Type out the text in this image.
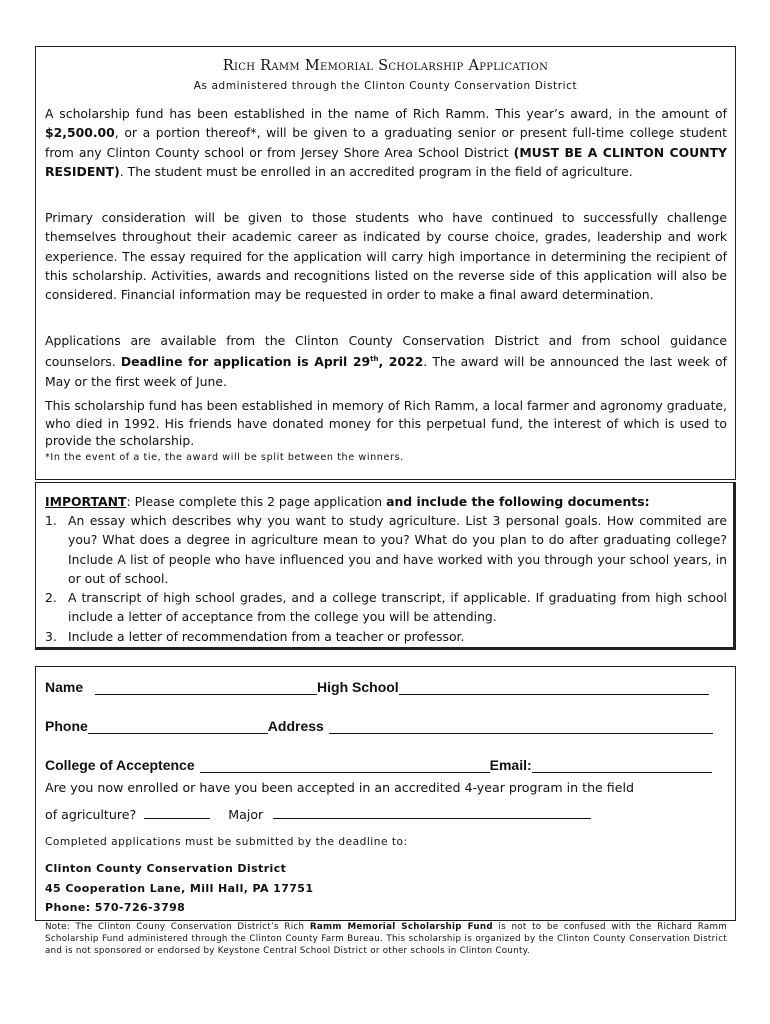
Rich Ramm Memorial Scholarship Application
As administered through the Clinton County Conservation District
A scholarship fund has been established in the name of Rich Ramm. This year’s award, in the amount of $2,500.00, or a portion thereof*, will be given to a graduating senior or present full-time college student from any Clinton County school or from Jersey Shore Area School District (MUST BE A CLINTON COUNTY RESIDENT). The student must be enrolled in an accredited program in the field of agriculture.
Primary consideration will be given to those students who have continued to successfully challenge themselves throughout their academic career as indicated by course choice, grades, leadership and work experience. The essay required for the application will carry high importance in determining the recipient of this scholarship. Activities, awards and recognitions listed on the reverse side of this application will also be considered. Financial information may be requested in order to make a final award determination.
Applications are available from the Clinton County Conservation District and from school guidance counselors. Deadline for application is April 29th, 2022. The award will be announced the last week of May or the first week of June.
This scholarship fund has been established in memory of Rich Ramm, a local farmer and agronomy graduate, who died in 1992. His friends have donated money for this perpetual fund, the interest of which is used to provide the scholarship.
*In the event of a tie, the award will be split between the winners.
IMPORTANT: Please complete this 2 page application and include the following documents:
1. An essay which describes why you want to study agriculture. List 3 personal goals. How commited are you? What does a degree in agriculture mean to you? What do you plan to do after graduating college? Include A list of people who have influenced you and have worked with you through your school years, in or out of school.
2. A transcript of high school grades, and a college transcript, if applicable. If graduating from high school include a letter of acceptance from the college you will be attending.
3. Include a letter of recommendation from a teacher or professor.
Name	High School
Phone	Address
College of Acceptence	Email:
Are you now enrolled or have you been accepted in an accredited 4-year program in the field
of agriculture?	Major
Completed applications must be submitted by the deadline to:
Clinton County Conservation District
45 Cooperation Lane, Mill Hall, PA 17751
Phone: 570-726-3798
Note: The Clinton Couny Conservation District’s Rich Ramm Memorial Scholarship Fund is not to be confused with the Richard Ramm Scholarship Fund administered through the Clinton County Farm Bureau. This scholarship is organized by the Clinton County Conservation District and is not sponsored or endorsed by Keystone Central School District or other schools in Clinton County.
